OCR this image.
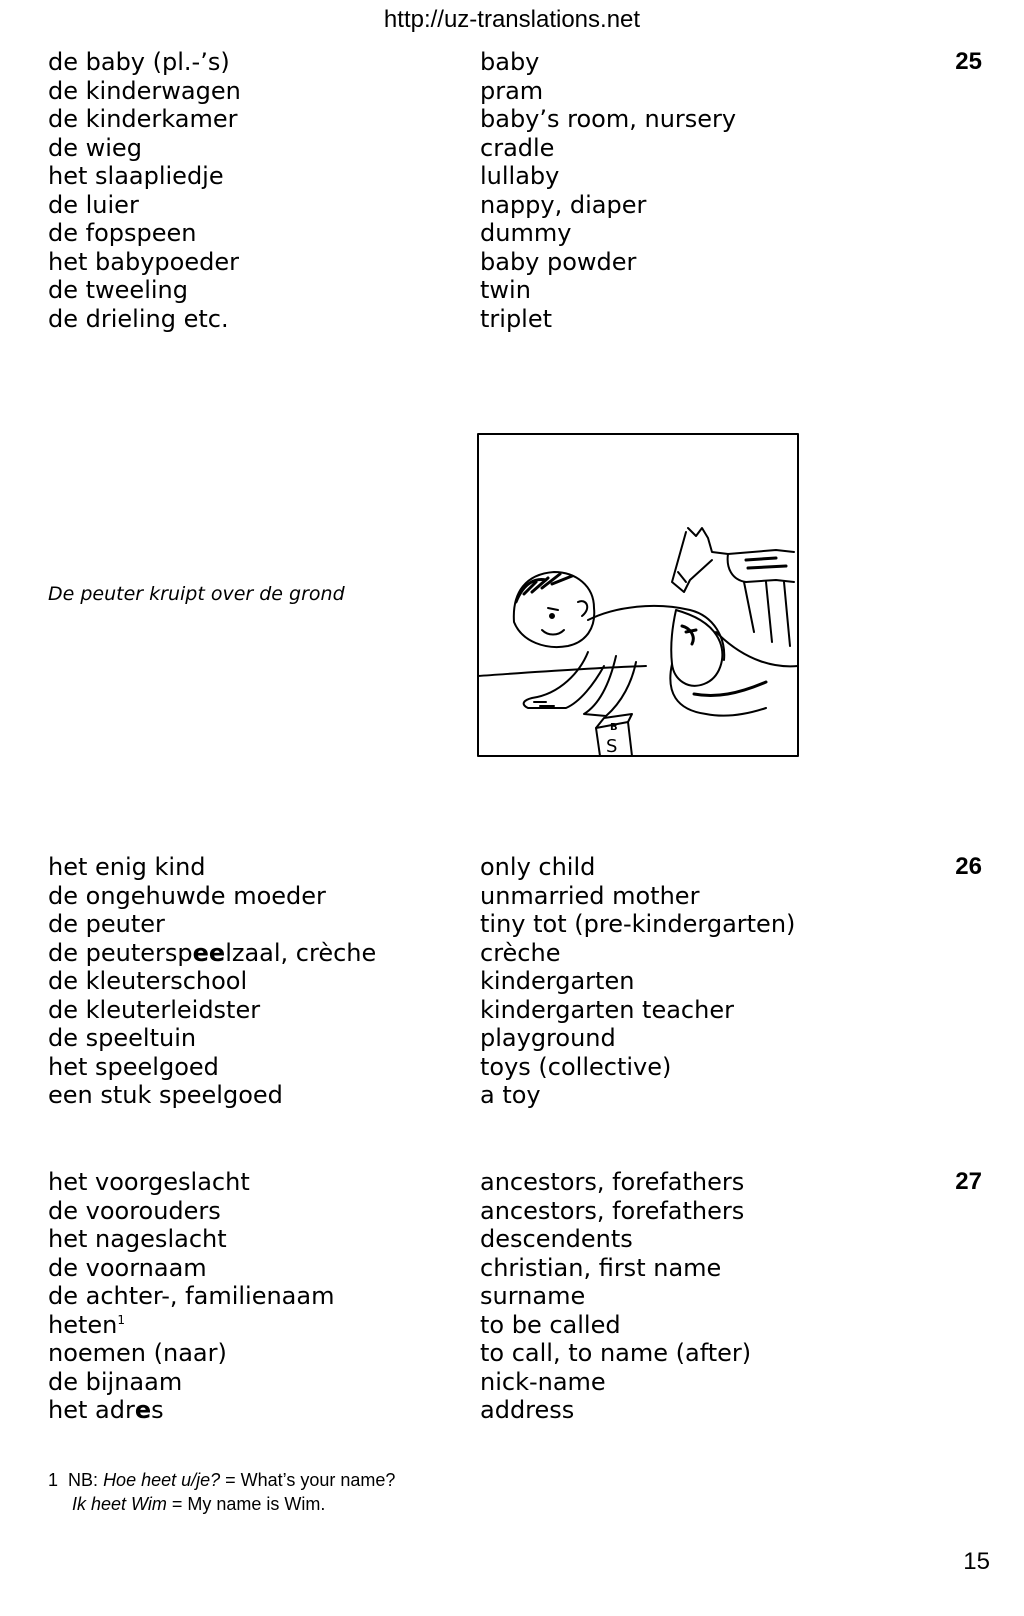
http://uz-translations.net
25
de baby (pl.-’s)	baby
de kinderwagen	pram
de kinderkamer	baby’s room, nursery
de wieg	cradle
het slaapliedje	lullaby
de luier	nappy, diaper
de fopspeen	dummy
het babypoeder	baby powder
de tweeling	twin
de drieling etc.	triplet
De peuter kruipt over de grond
B
S
26
het enig kind	only child
de ongehuwde moeder	unmarried mother
de peuter	tiny tot (pre-kindergarten)
de peuterspeelzaal, crèche	crèche
de kleuterschool	kindergarten
de kleuterleidster	kindergarten teacher
de speeltuin	playground
het speelgoed	toys (collective)
een stuk speelgoed	a toy
27
het voorgeslacht	ancestors, forefathers
de voorouders	ancestors, forefathers
het nageslacht	descendents
de voornaam	christian, first name
de achter-, familienaam	surname
heten$^1$	to be called
noemen (naar)	to call, to name (after)
de bijnaam	nick-name
het adres	address
1 NB: Hoe heet u/je? = What’s your name?
Ik heet Wim = My name is Wim.
15
